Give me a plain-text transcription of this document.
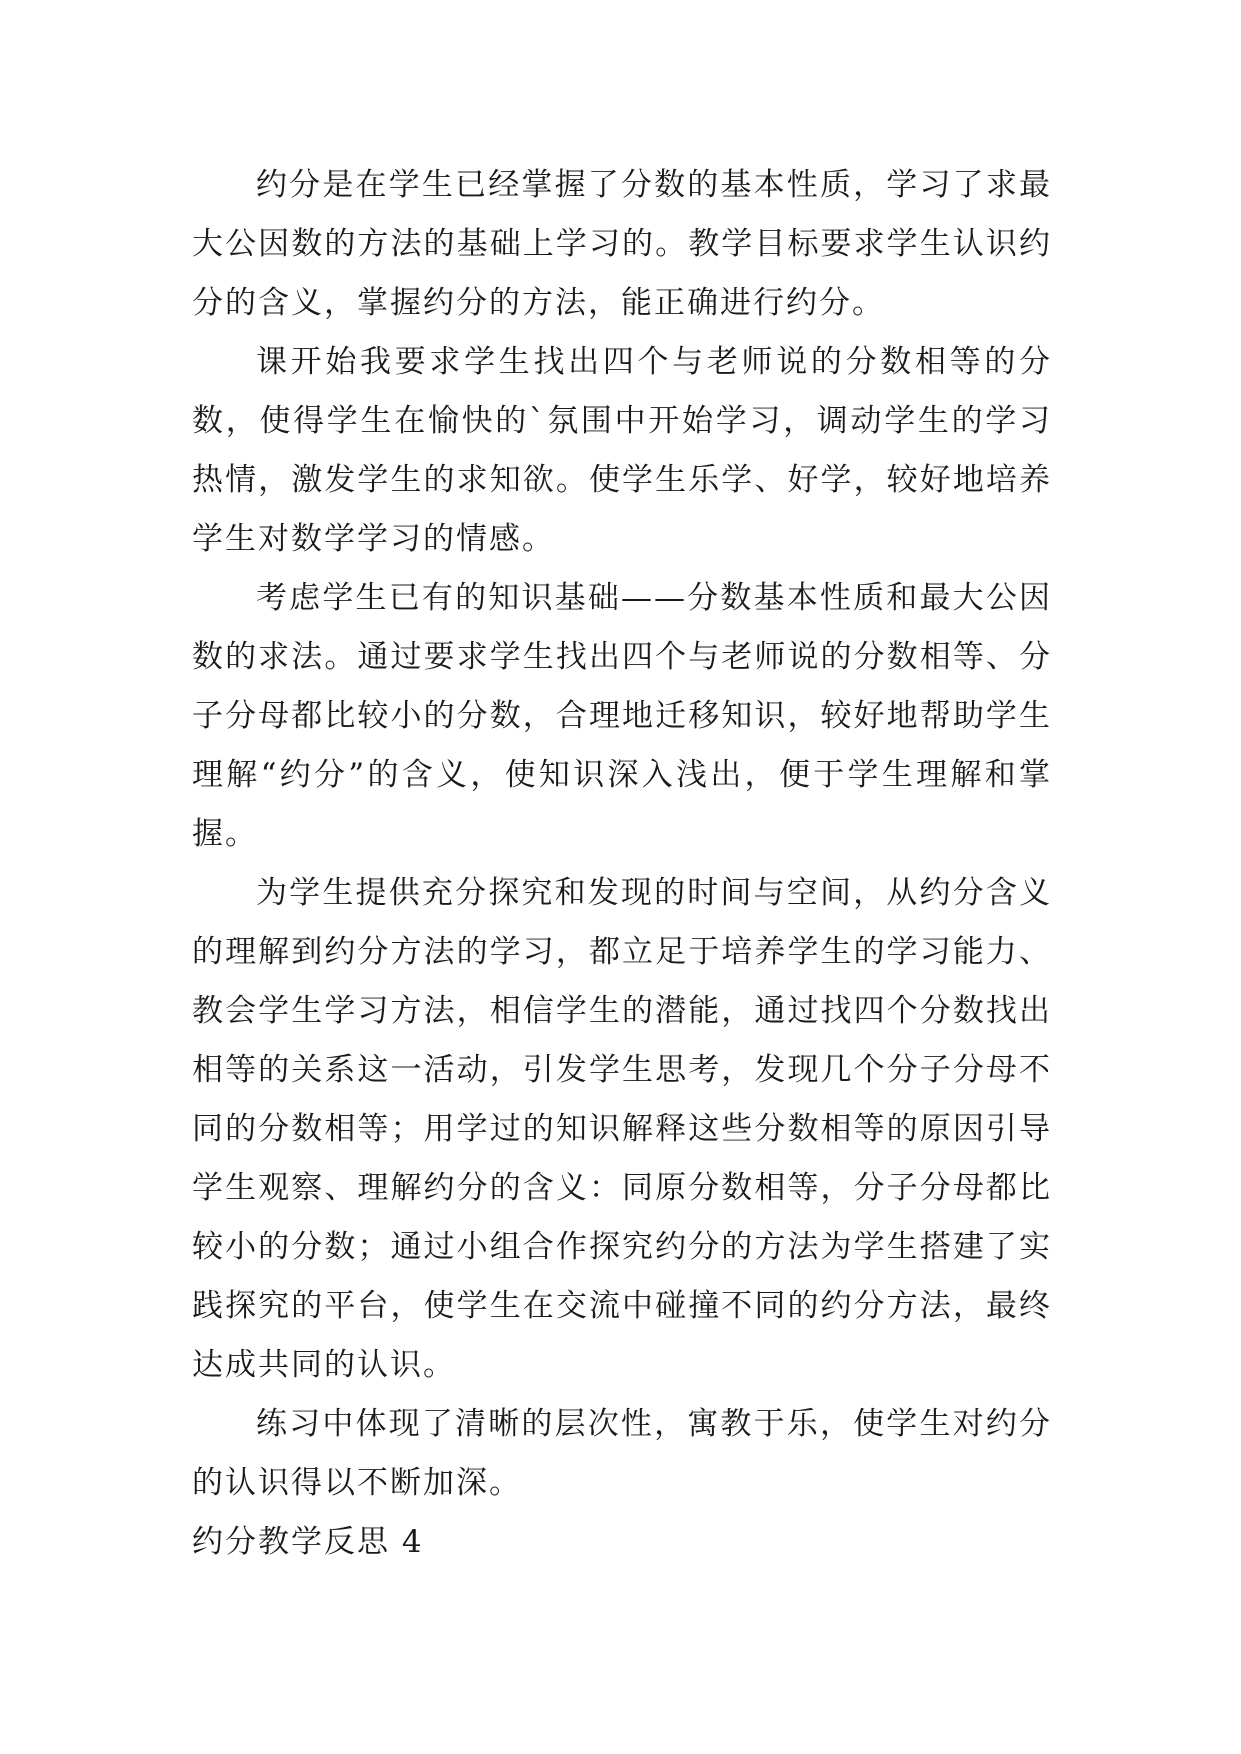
约分是在学生已经掌握了分数的基本性质，学习了求最大公因数的方法的基础上学习的。教学目标要求学生认识约分的含义，掌握约分的方法，能正确进行约分。

课开始我要求学生找出四个与老师说的分数相等的分数，使得学生在愉快的`氛围中开始学习，调动学生的学习热情，激发学生的求知欲。使学生乐学、好学，较好地培养学生对数学学习的情感。

考虑学生已有的知识基础——分数基本性质和最大公因数的求法。通过要求学生找出四个与老师说的分数相等、分子分母都比较小的分数，合理地迁移知识，较好地帮助学生理解“约分”的含义，使知识深入浅出，便于学生理解和掌握。

为学生提供充分探究和发现的时间与空间，从约分含义的理解到约分方法的学习，都立足于培养学生的学习能力、教会学生学习方法，相信学生的潜能，通过找四个分数找出相等的关系这一活动，引发学生思考，发现几个分子分母不同的分数相等；用学过的知识解释这些分数相等的原因引导学生观察、理解约分的含义：同原分数相等，分子分母都比较小的分数；通过小组合作探究约分的方法为学生搭建了实践探究的平台，使学生在交流中碰撞不同的约分方法，最终达成共同的认识。

练习中体现了清晰的层次性，寓教于乐，使学生对约分的认识得以不断加深。

约分教学反思 4
